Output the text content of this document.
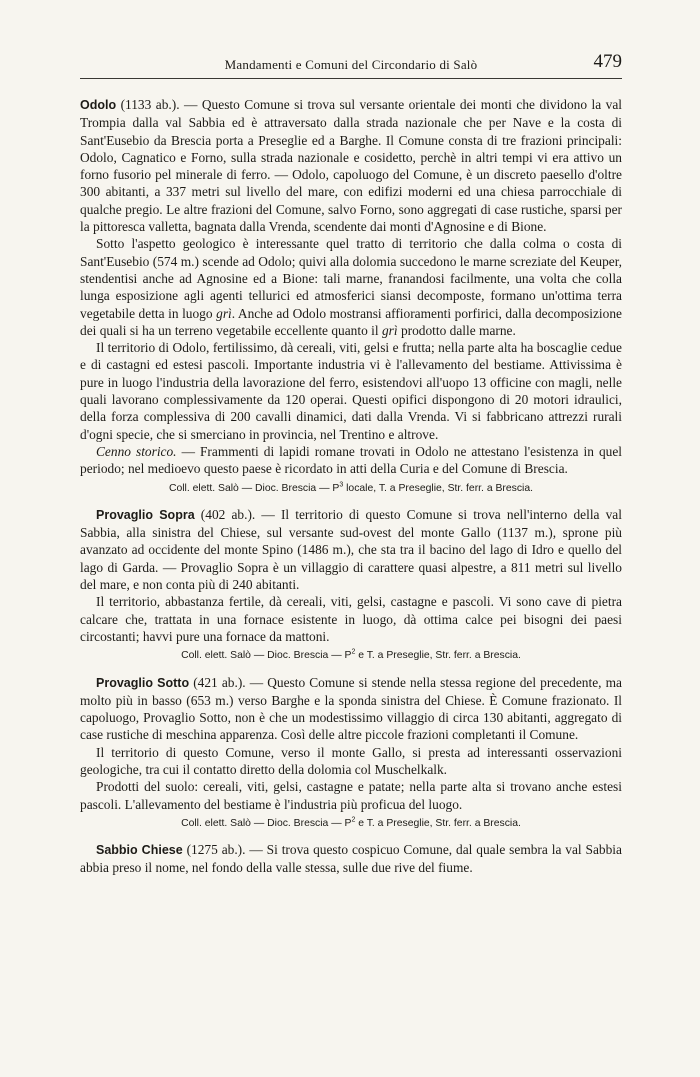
Mandamenti e Comuni del Circondario di Salò	479

Odolo (1133 ab.). — Questo Comune si trova sul versante orientale dei monti che dividono la val Trompia dalla val Sabbia ed è attraversato dalla strada nazionale che per Nave e la costa di Sant'Eusebio da Brescia porta a Preseglie ed a Barghe. Il Comune consta di tre frazioni principali: Odolo, Cagnatico e Forno, sulla strada nazionale e cosidetto, perchè in altri tempi vi era attivo un forno fusorio pel minerale di ferro. — Odolo, capoluogo del Comune, è un discreto paesello d'oltre 300 abitanti, a 337 metri sul livello del mare, con edifizi moderni ed una chiesa parrocchiale di qualche pregio. Le altre frazioni del Comune, salvo Forno, sono aggregati di case rustiche, sparsi per la pittoresca valletta, bagnata dalla Vrenda, scendente dai monti d'Agnosine e di Bione.

Sotto l'aspetto geologico è interessante quel tratto di territorio che dalla colma o costa di Sant'Eusebio (574 m.) scende ad Odolo; quivi alla dolomia succedono le marne screziate del Keuper, stendentisi anche ad Agnosine ed a Bione: tali marne, franandosi facilmente, una volta che colla lunga esposizione agli agenti tellurici ed atmosferici siansi decomposte, formano un'ottima terra vegetabile detta in luogo grì. Anche ad Odolo mostransi affioramenti porfirici, dalla decomposizione dei quali si ha un terreno vegetabile eccellente quanto il grì prodotto dalle marne.

Il territorio di Odolo, fertilissimo, dà cereali, viti, gelsi e frutta; nella parte alta ha boscaglie cedue e di castagni ed estesi pascoli. Importante industria vi è l'allevamento del bestiame. Attivissima è pure in luogo l'industria della lavorazione del ferro, esistendovi all'uopo 13 officine con magli, nelle quali lavorano complessivamente da 120 operai. Questi opifici dispongono di 20 motori idraulici, della forza complessiva di 200 cavalli dinamici, dati dalla Vrenda. Vi si fabbricano attrezzi rurali d'ogni specie, che si smerciano in provincia, nel Trentino e altrove.

Cenno storico. — Frammenti di lapidi romane trovati in Odolo ne attestano l'esistenza in quel periodo; nel medioevo questo paese è ricordato in atti della Curia e del Comune di Brescia.

Coll. elett. Salò — Dioc. Brescia — $P^3$ locale, T. a Preseglie, Str. ferr. a Brescia.

Provaglio Sopra (402 ab.). — Il territorio di questo Comune si trova nell'interno della val Sabbia, alla sinistra del Chiese, sul versante sud-ovest del monte Gallo (1137 m.), sprone più avanzato ad occidente del monte Spino (1486 m.), che sta tra il bacino del lago di Idro e quello del lago di Garda. — Provaglio Sopra è un villaggio di carattere quasi alpestre, a 811 metri sul livello del mare, e non conta più di 240 abitanti.

Il territorio, abbastanza fertile, dà cereali, viti, gelsi, castagne e pascoli. Vi sono cave di pietra calcare che, trattata in una fornace esistente in luogo, dà ottima calce pei bisogni dei paesi circostanti; havvi pure una fornace da mattoni.

Coll. elett. Salò — Dioc. Brescia — $P^2$ e T. a Preseglie, Str. ferr. a Brescia.

Provaglio Sotto (421 ab.). — Questo Comune si stende nella stessa regione del precedente, ma molto più in basso (653 m.) verso Barghe e la sponda sinistra del Chiese. È Comune frazionato. Il capoluogo, Provaglio Sotto, non è che un modestissimo villaggio di circa 130 abitanti, aggregato di case rustiche di meschina apparenza. Così delle altre piccole frazioni completanti il Comune.

Il territorio di questo Comune, verso il monte Gallo, si presta ad interessanti osservazioni geologiche, tra cui il contatto diretto della dolomia col Muschelkalk.

Prodotti del suolo: cereali, viti, gelsi, castagne e patate; nella parte alta si trovano anche estesi pascoli. L'allevamento del bestiame è l'industria più proficua del luogo.

Coll. elett. Salò — Dioc. Brescia — $P^2$ e T. a Preseglie, Str. ferr. a Brescia.

Sabbio Chiese (1275 ab.). — Si trova questo cospicuo Comune, dal quale sembra la val Sabbia abbia preso il nome, nel fondo della valle stessa, sulle due rive del fiume.
